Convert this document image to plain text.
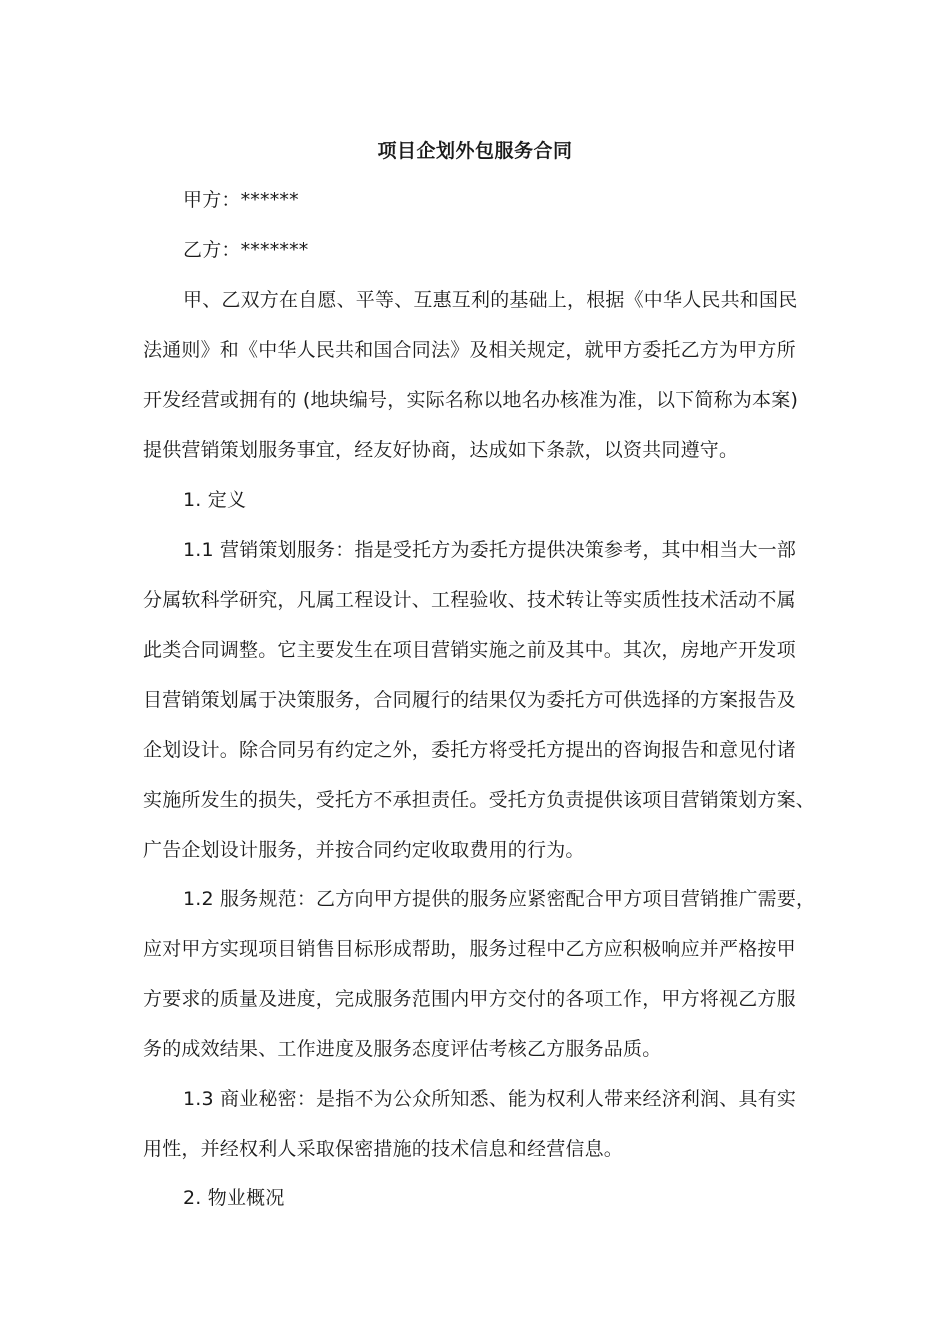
项目企划外包服务合同
甲方：******
乙方：*******
甲、乙双方在自愿、平等、互惠互利的基础上，根据《中华人民共和国民
法通则》和《中华人民共和国合同法》及相关规定，就甲方委托乙方为甲方所
开发经营或拥有的 (地块编号，实际名称以地名办核准为准，以下简称为本案)
提供营销策划服务事宜，经友好协商，达成如下条款，以资共同遵守。
1. 定义
1.1 营销策划服务：指是受托方为委托方提供决策参考，其中相当大一部
分属软科学研究，凡属工程设计、工程验收、技术转让等实质性技术活动不属
此类合同调整。它主要发生在项目营销实施之前及其中。其次，房地产开发项
目营销策划属于决策服务，合同履行的结果仅为委托方可供选择的方案报告及
企划设计。除合同另有约定之外，委托方将受托方提出的咨询报告和意见付诸
实施所发生的损失，受托方不承担责任。受托方负责提供该项目营销策划方案、
广告企划设计服务，并按合同约定收取费用的行为。
1.2 服务规范：乙方向甲方提供的服务应紧密配合甲方项目营销推广需要，
应对甲方实现项目销售目标形成帮助，服务过程中乙方应积极响应并严格按甲
方要求的质量及进度，完成服务范围内甲方交付的各项工作，甲方将视乙方服
务的成效结果、工作进度及服务态度评估考核乙方服务品质。
1.3 商业秘密：是指不为公众所知悉、能为权利人带来经济利润、具有实
用性，并经权利人采取保密措施的技术信息和经营信息。
2. 物业概况
